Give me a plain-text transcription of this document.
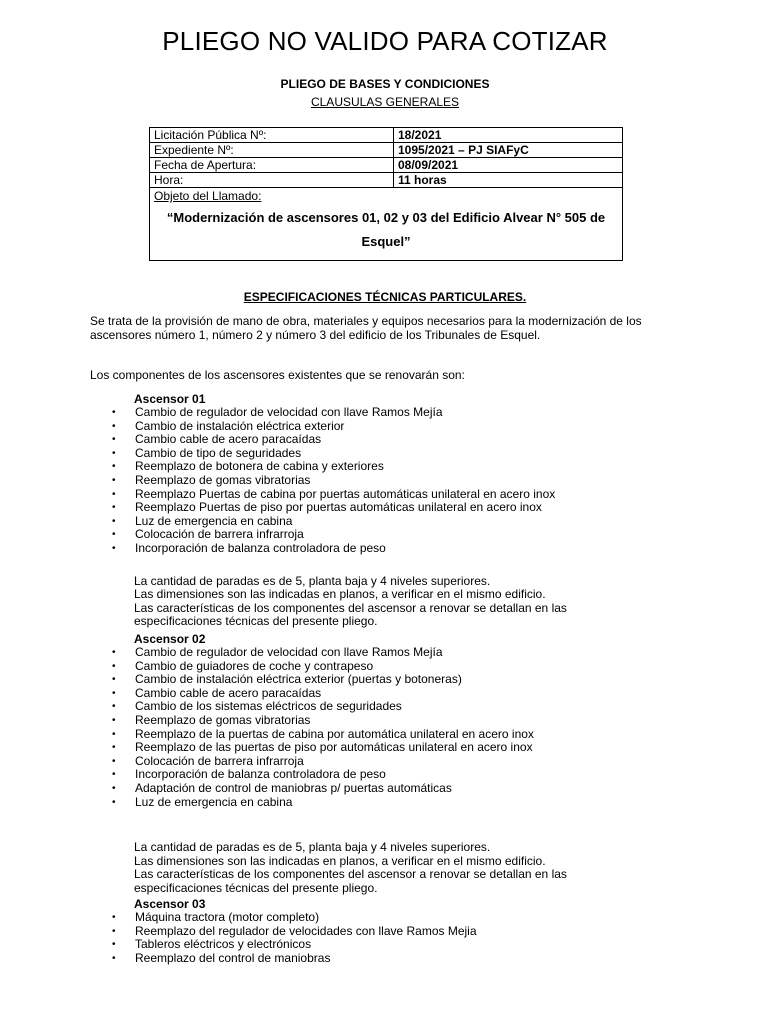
PLIEGO NO VALIDO PARA COTIZAR
PLIEGO DE BASES Y CONDICIONES
CLAUSULAS GENERALES
Licitación Pública Nº:	18/2021
Expediente Nº:	1095/2021 – PJ SIAFyC
Fecha de Apertura:	08/09/2021
Hora:	11 horas

Objeto del Llamado:
“Modernización de ascensores 01, 02 y 03 del Edificio Alvear N° 505 de Esquel”	
ESPECIFICACIONES TÉCNICAS PARTICULARES.
Se trata de la provisión de mano de obra, materiales y equipos necesarios para la modernización de los ascensores número 1, número 2 y número 3 del edificio de los Tribunales de Esquel.
Los componentes de los ascensores existentes que se renovarán son:
Ascensor 01
• Cambio de regulador de velocidad con llave Ramos Mejía
• Cambio de instalación eléctrica exterior
• Cambio cable de acero paracaídas
• Cambio de tipo de seguridades
• Reemplazo de botonera de cabina y exteriores
• Reemplazo de gomas vibratorias
• Reemplazo Puertas de cabina por puertas automáticas unilateral en acero inox
• Reemplazo Puertas de piso por puertas automáticas unilateral en acero inox
• Luz de emergencia en cabina
• Colocación de barrera infrarroja
• Incorporación de balanza controladora de peso
La cantidad de paradas es de 5, planta baja y 4 niveles superiores.
Las dimensiones son las indicadas en planos, a verificar en el mismo edificio.
Las características de los componentes del ascensor a renovar se detallan en las
especificaciones técnicas del presente pliego.
Ascensor 02
• Cambio de regulador de velocidad con llave Ramos Mejía
• Cambio de guiadores de coche y contrapeso
• Cambio de instalación eléctrica exterior (puertas y botoneras)
• Cambio cable de acero paracaídas
• Cambio de los sistemas eléctricos de seguridades
• Reemplazo de gomas vibratorias
• Reemplazo de la puertas de cabina por automática unilateral en acero inox
• Reemplazo de las puertas de piso por automáticas unilateral en acero inox
• Colocación de barrera infrarroja
• Incorporación de balanza controladora de peso
• Adaptación de control de maniobras p/ puertas automáticas
• Luz de emergencia en cabina
La cantidad de paradas es de 5, planta baja y 4 niveles superiores.
Las dimensiones son las indicadas en planos, a verificar en el mismo edificio.
Las características de los componentes del ascensor a renovar se detallan en las
especificaciones técnicas del presente pliego.
Ascensor 03
• Máquina tractora (motor completo)
• Reemplazo del regulador de velocidades con llave Ramos Mejia
• Tableros eléctricos y electrónicos
• Reemplazo del control de maniobras
